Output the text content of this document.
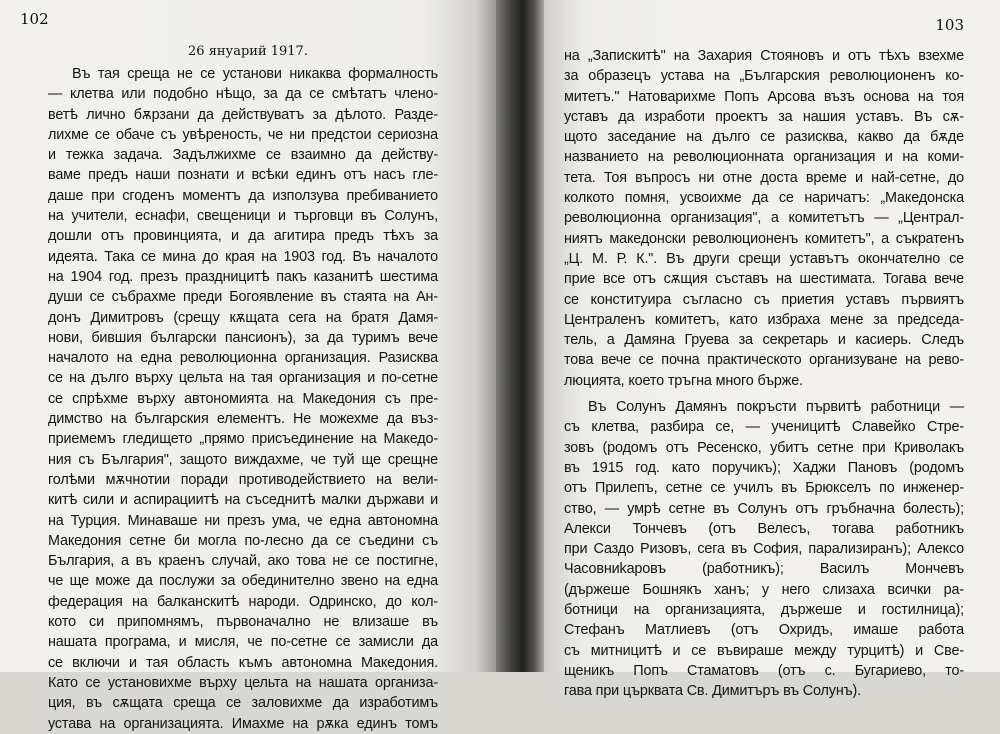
102
26 януарий 1917.
Въ тая среща не се установи никаква формалность
— клетва или подобно нѣщо, за да се смѣтатъ члено-
ветѣ лично бѫрзани да действуватъ за дѣлото. Разде-
лихме се обаче съ увѣреность, че ни предстои сериозна
и тежка задача. Задължихме се взаимно да действу-
ваме предъ наши познати и всѣки единъ отъ насъ гле-
даше при сгоденъ моментъ да използува пребиванието
на учители, еснафи, свещеници и търговци въ Солунъ,
дошли отъ провинциятa, и да агитира предъ тѣхъ за
идеята. Така се мина до края на 1903 год. Въ началото
на 1904 год. презъ праздницитѣ пакъ казанитѣ шестима
души се събрахме преди Богоявление въ стаята на Ан-
донъ Димитровъ (срещу кѫщата сега на братя Дамя-
нови, бившия български пансионъ), за да туримъ вече
началото на една революционна организация. Разисква
се на дълго върху цельта на тая организация и по-сетне
се спрѣхме върху автономията на Македония съ пре-
димство на българския елементъ. Не можехме да въз-
приемемъ гледището „прямо присъединение на Македо-
ния съ България", защото виждахме, че туй ще срещне
голѣми мѫчнотии поради противодействието на вели-
китѣ сили и аспирациитѣ на съседнитѣ малки държави и
на Турция. Минаваше ни презъ ума, че една автономна
Македония сетне би могла по-лесно да се съедини съ
България, а въ краенъ случай, ако това не се постигне,
че ще може да послужи за обединително звено на една
федерация на балканскитѣ народи. Одринско, до кол-
кото си припомнямъ, първоначално не влизаше въ
нашата програма, и мисля, че по-сетне се замисли да
се включи и тая область къмъ автономна Македония.
Като се установихме върху цельта на нашата организа-
ция, въ сѫщата среща се заловихме да изработимъ
устава на организацията. Имахме на рѫка единъ томъ
103
на „Запискитѣ" на Захария Стояновъ и отъ тѣхъ взехме
за образецъ устава на „Българския революционенъ ко-
митетъ." Натоварихме Попъ Арсова възъ основа на тоя
уставъ да изработи проектъ за нашия уставъ. Въ сѫ-
щото заседание на дълго се разисква, какво да бѫде
названието на революционната организация и на коми-
тета. Тоя въпросъ ни отне доста време и най-сетне, до
колкото помня, усвоихме да се наричатъ: „Македонска
революционна организация", а комитетътъ — „Централ-
ниятъ македонски революционенъ комитетъ", а съкратенъ
„Ц. М. Р. К.". Въ други срещи уставътъ окончателно се
прие все отъ сѫщия съставъ на шестимата. Тогава вече
се конституира съгласно съ приетия уставъ първиятъ
Централенъ комитетъ, като избраха мене за председа-
тель, а Дамяна Груева за секретарь и касиерь. Следъ
това вече се почна практическото организуване на рево-
люцията, което тръгна много бърже.
Въ Солунъ Дамянъ покръсти първитѣ работници —
съ клетва, разбира се, — ученицитѣ Славейко Стре-
зовъ (родомъ отъ Ресенско, убитъ сетне при Криволакъ
въ 1915 год. като поручикъ); Хаджи Пановъ (родомъ
отъ Прилепъ, сетне се училъ въ Брюкселъ по инженер-
ство, — умрѣ сетне въ Солунъ отъ гръбначна болесть);
Алекси Тончевъ (отъ Велесъ, тогава работникъ
при Саздо Ризовъ, сега въ София, парализиранъ); Алексо
Часовниkаровъ (работникъ); Василъ Мончевъ
(държеше Бошнякъ ханъ; у него слизаха всички ра-
ботници на организацията, държеше и гостилница);
Стефанъ Матлиевъ (отъ Охридъ, имаше работа
съ митницитѣ и се въвираше между турцитѣ) и Све-
щеникъ Попъ Стаматовъ (отъ с. Бугариево, то-
гава при църквата Св. Димитъръ въ Солунъ).
